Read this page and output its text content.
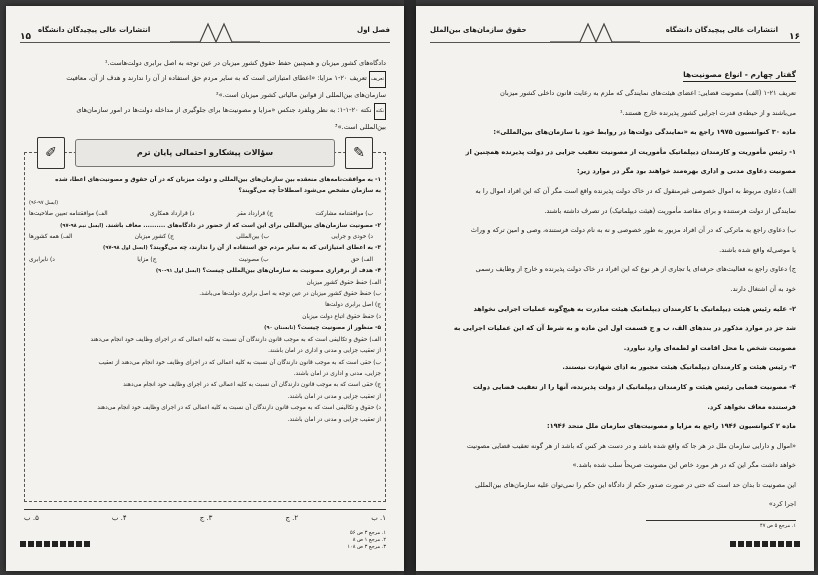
۱۵
انتشارات عالی پیچیدگان دانشگاه	فصل اول

دادگاه‌های کشور میزبان و همچنین حفظ حقوق کشور میزبان در عین توجه به اصل برابری دولت‌هاست.¹

تعریفتعریف ۲۰-۱ مزایا: «اعطای امتیازاتی است که به سایر مردم حق استفاده از آن را ندارند و هدف از آن، معافیت

سازمان‌های بین‌المللی از قوانین مالیاتی کشور میزبان است.»²

نکتهنکته ۲۰-۱-۱: به نظر ویلفرد جنکس «مزایا و مصونیت‌ها برای جلوگیری از مداخله دولت‌ها در امور سازمان‌های

بین‌المللی است.»³

✎
✐	سؤالات پیشکارو احتمالی پایان ترم

۱- به موافقت‌نامه‌های منعقده بین سازمان‌های بین‌المللی و دولت میزبان که در آن حقوق و مصونیت‌های اعطا، شده

به سازمان مشخص می‌شود اصطلاحاً چه می‌گویند؟

(ایسل ۹۷-۹۶)

ب) موافقتنامه مشارکت
ج) قرارداد مقر
د) قرارداد همکاری
الف) موافقتنامه تعیین صلاحیت‌ها

۲- مصونیت سازمان‌های بین‌المللی برای این است که از حضور در دادگاه‌های .......... معاف باشند. (ایسل نیم ۹۸-۹۷)

د) خودی و جرایی
ب) بین‌المللی
ج) کشور میزبان
الف) همه کشورها

۳- به اعطای امتیازاتی که به سایر مردم حق استفاده از آن را ندارند، چه می‌گویند؟ (ایسل اول ۹۸-۹۷)

الف) حق
ب) مصونیت
ج) مزایا
د) نابرابری

۴- هدف از برقراری مصونیت به سازمان‌های بین‌المللی چیست؟ (ایسل اول ۹۱-۹۰)

الف) حفظ حقوق کشور میزبان

ب) حفظ حقوق کشور میزبان در عین توجه به اصل برابری دولت‌ها می‌باشد.

ج) اصل برابری دولت‌ها

د) حفظ حقوق اتباع دولت میزبان

۵- منظور از مصونیت چیست؟ (تابستان ۹۰)

الف) حقوق و تکالیفی است که به موجب قانون دارندگان آن نسبت به کلیه اعمالی که در اجرای وظایف خود انجام می‌دهند

از تعقیب جزایی و مدنی و اداری در امان باشند.

ب) حقی است که به موجب قانون دارندگان آن نسبت به کلیه اعمالی که در اجرای وظایف خود انجام می‌دهند از تعقیب

جزایی، مدنی و اداری در امان باشند.

ج) حقی است که به موجب قانون دارندگان آن نسبت به کلیه اعمالی که در اجرای وظایف خود انجام می‌دهند

از تعقیب جزایی و مدنی در امان باشند.

د) حقوق و تکالیفی است که به موجب قانون دارندگان آن نسبت به کلیه اعمالی که در اجرای وظایف خود انجام می‌دهند

از تعقیب جزایی و مدنی در امان باشند.

۱. ب
۲. ج
۳. ج
۴. ب
۵. ب
۱. مرجع ۳ ص ۵۶
۲. مرجع ۱ ص ۸
۳. مرجع ۳ ص ۱۰۸
حقوق سازمان‌های بین‌الملل	انتشارات عالی پیچیدگان دانشگاه
۱۶
گفتار چهارم - انواع مصونیت‌ها

تعریف ۲۱-۱ (الف) مصونیت قضایی: اعضای هیئت‌های نمایندگی که ملزم به رعایت قانون داخلی کشور میزبان

می‌باشند و از حیطه‌ی قدرت اجرایی کشور پذیرنده خارج هستند.¹

ماده ۳۰ کنوانسیون ۱۹۷۵ راجع به «نمایندگی دولت‌ها در روابط خود با سازمان‌های بین‌المللی»:

۱- رئیس مأموریت و کارمندان دیپلماتیک مأموریت از مصونیت تعقیب جزایی در دولت پذیرنده همچنین از

مصونیت دعاوی مدنی و اداری بهره‌مند خواهند بود مگر در موارد زیر:

الف) دعاوی مربوط به اموال خصوصی غیرمنقول که در خاک دولت پذیرنده واقع است مگر آن که این افراد اموال را به

نمایندگی از دولت فرستنده و برای مقاصد مأموریت (هیئت دیپلماتیک) در تصرف داشته باشند.

ب) دعاوی راجع به ماترکی که در آن افراد مزبور به طور خصوصی و نه به نام دولت فرستنده، وصی و امین ترکه و وراث

یا موصی‌له واقع شده باشند.

ج) دعاوی راجع به فعالیت‌های حرفه‌ای یا تجاری از هر نوع که این افراد در خاک دولت پذیرنده و خارج از وظایف رسمی

خود به آن اشتغال دارند.

۲- علیه رئیس هیئت دیپلماتیک یا کارمندان دیپلماتیک هیئت مبادرت به هیچ‌گونه عملیات اجرایی نخواهد

شد جز در موارد مذکور در بندهای الف، ب و ج قسمت اول این ماده و به شرط آن که این عملیات اجرایی به

مصونیت شخص یا محل اقامت او لطمه‌ای وارد نیاورد.

۳- رئیس هیئت و کارمندان دیپلماتیک هیئت مجبور به ادای شهادت نیستند.

۴- مصونیت قضایی رئیس هیئت و کارمندان دیپلماتیک از دولت پذیرنده، آنها را از تعقیب قضایی دولت

فرستنده معاف نخواهد کرد.

ماده ۲ کنوانسیون ۱۹۴۶ راجع به مزایا و مصونیت‌های سازمان ملل متحد ۱۹۴۶:

«اموال و دارایی سازمان ملل در هر جا که واقع شده باشد و در دست هر کس که باشد از هر گونه تعقیب قضایی مصونیت

خواهد داشت مگر این که در هر مورد خاص این مصونیت صریحاً سلب شده باشد.»

این مصونیت تا بدان حد است که حتی در صورت صدور حکم از دادگاه این حکم را نمی‌توان علیه سازمان‌های بین‌المللی

اجرا کرد»

۱. مرجع ۵ ص ۴۷
